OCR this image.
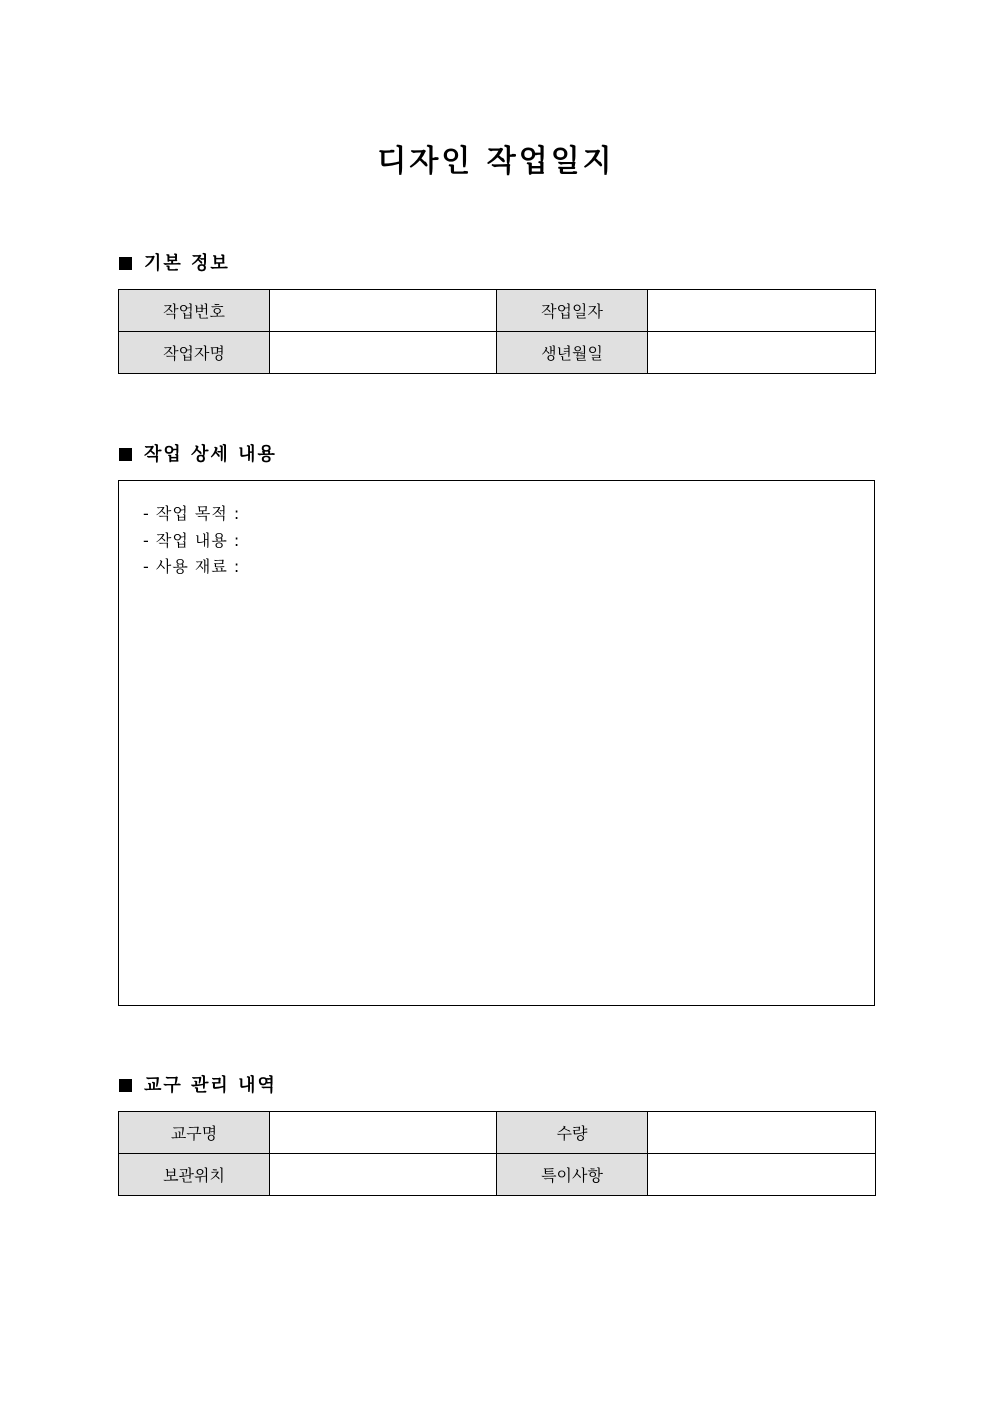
디자인 작업일지
기본 정보
작업번호		작업일자	
작업자명		생년월일	
작업 상세 내용
- 작업 목적 :
- 작업 내용 :
- 사용 재료 :
교구 관리 내역
교구명		수량	
보관위치		특이사항	
